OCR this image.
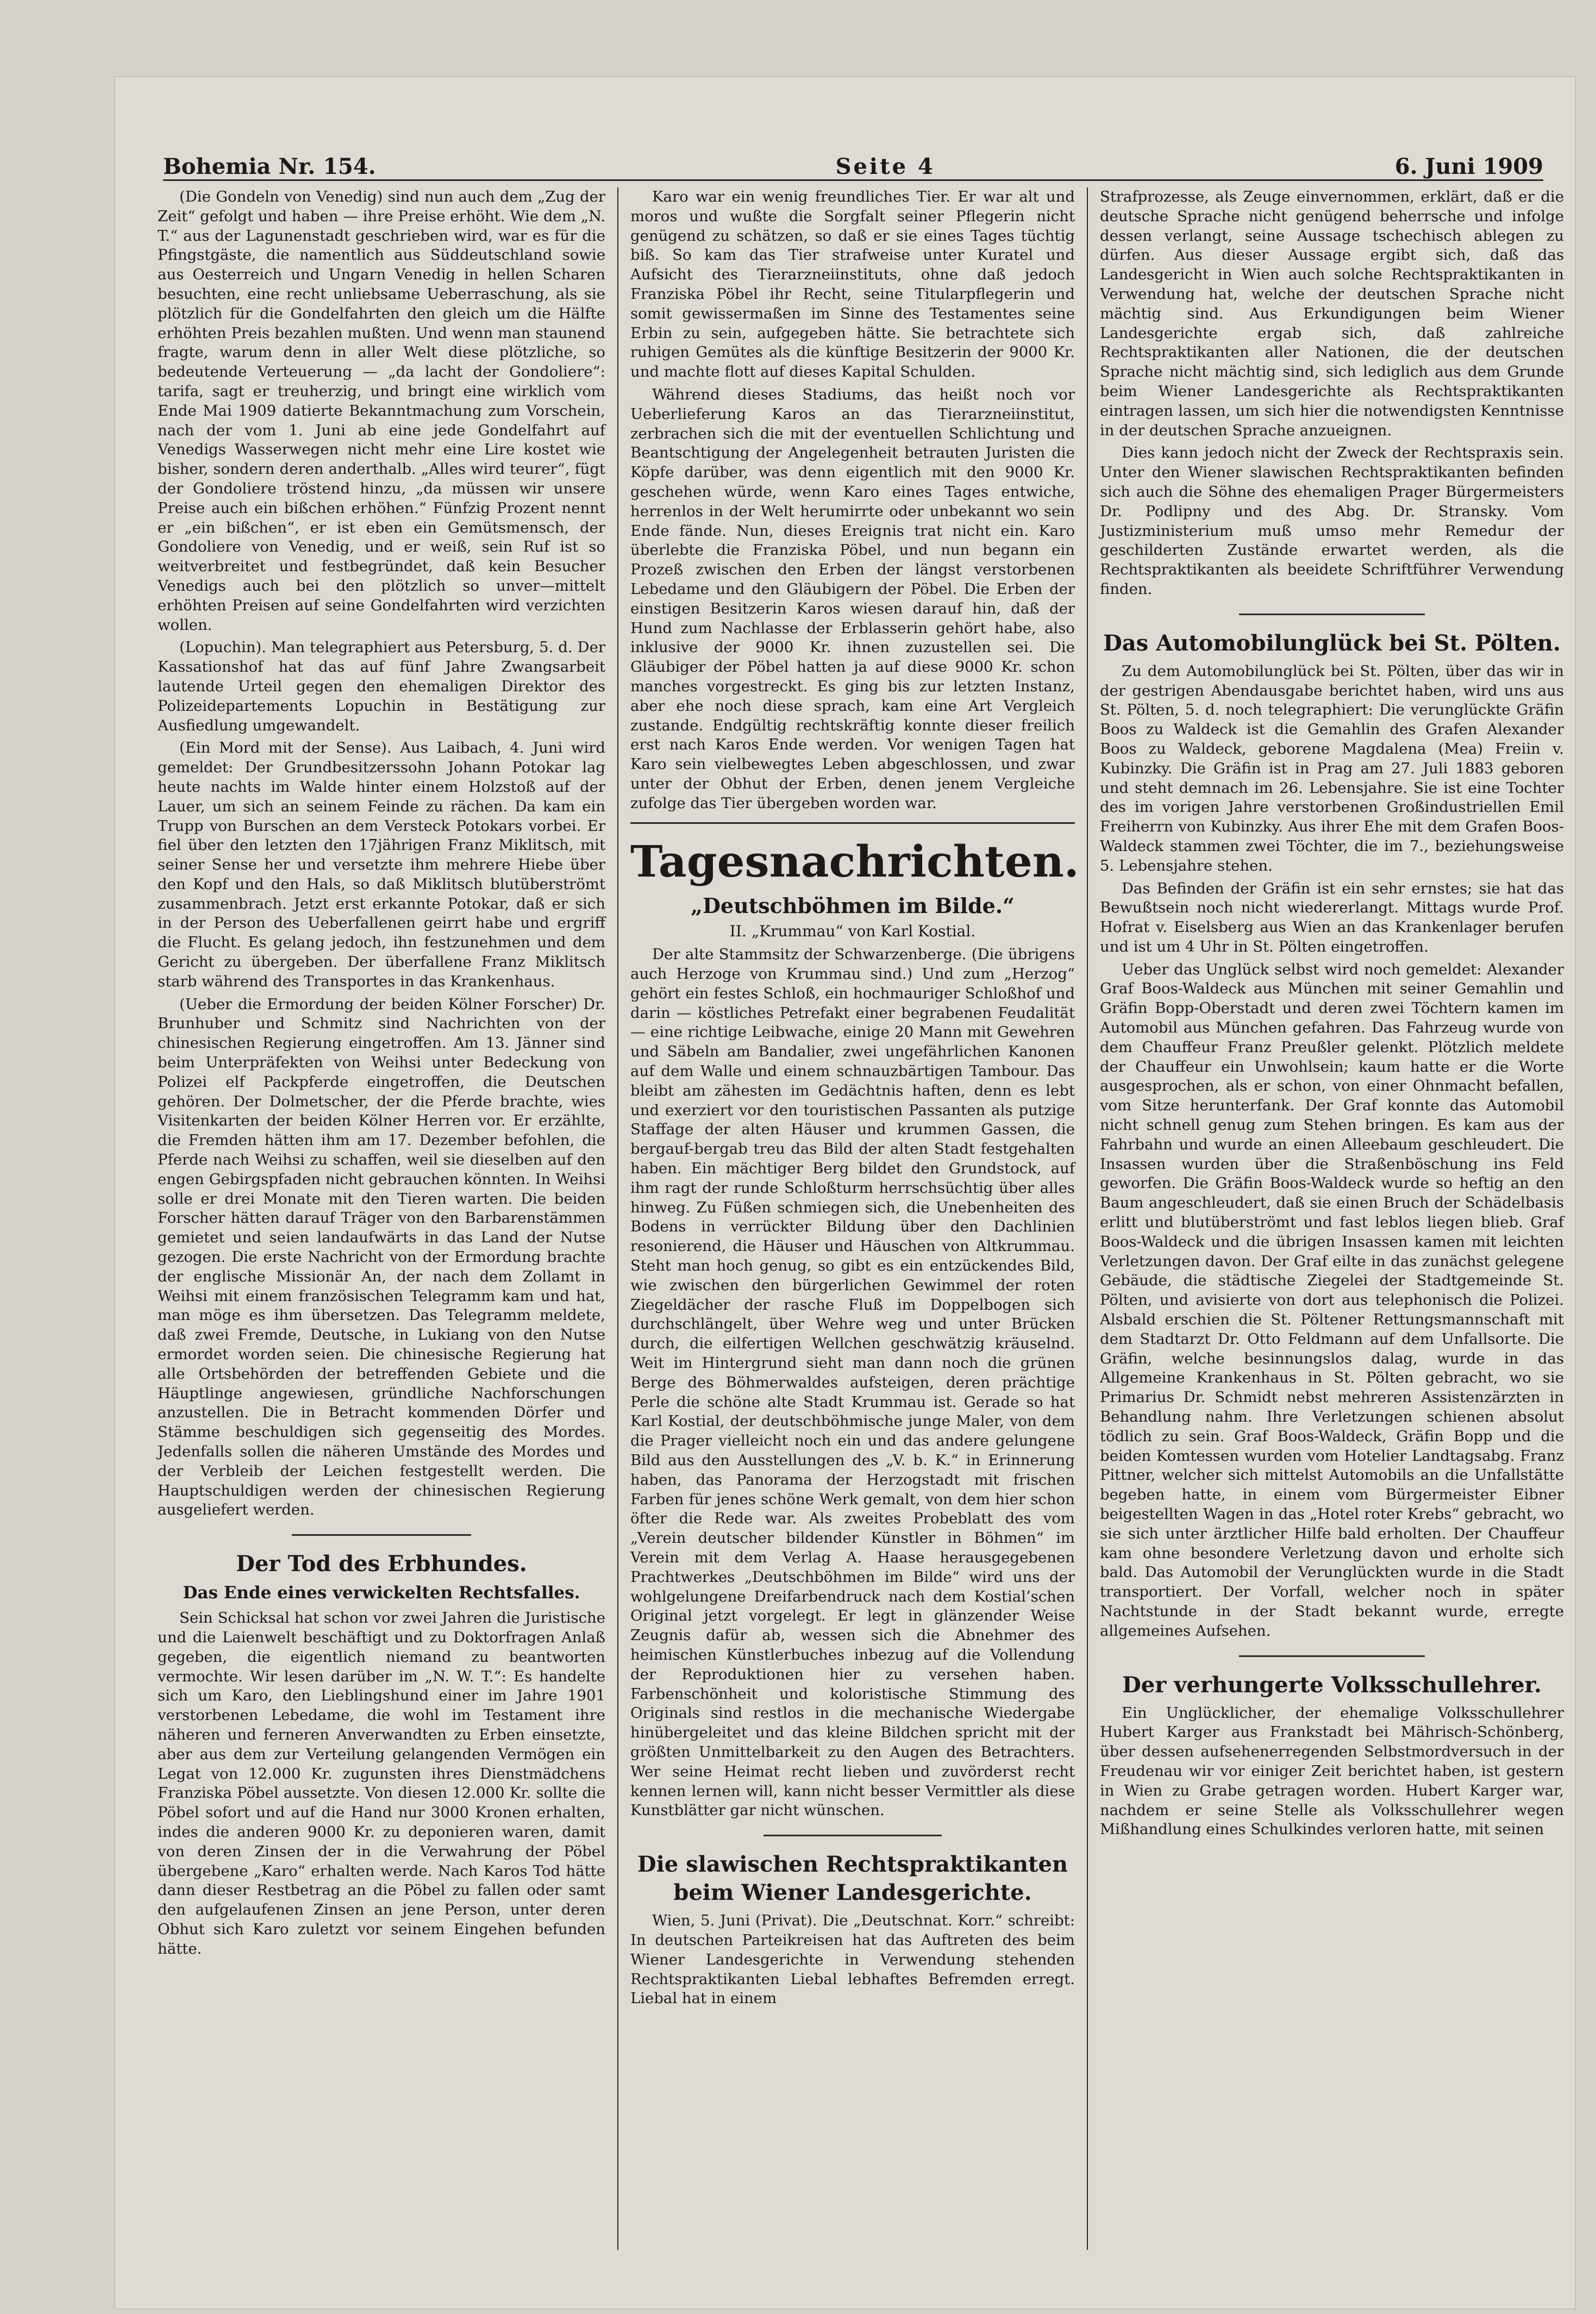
Bohemia Nr. 154.	Seite 4	6. Juni 1909

(Die Gondeln von Venedig) sind nun auch dem „Zug der Zeit“ gefolgt und haben — ihre Preise erhöht. Wie dem „N. T.“ aus der Lagunenstadt geschrieben wird, war es für die Pfingstgäste, die namentlich aus Süddeutschland sowie aus Oesterreich und Ungarn Venedig in hellen Scharen besuchten, eine recht unliebsame Ueberraschung, als sie plötzlich für die Gondelfahrten den gleich um die Hälfte erhöhten Preis bezahlen mußten. Und wenn man staunend fragte, warum denn in aller Welt diese plötzliche, so bedeutende Verteuerung — „da lacht der Gondoliere“: tarifa, sagt er treuherzig, und bringt eine wirklich vom Ende Mai 1909 datierte Bekanntmachung zum Vorschein, nach der vom 1. Juni ab eine jede Gondelfahrt auf Venedigs Wasserwegen nicht mehr eine Lire kostet wie bisher, sondern deren anderthalb. „Alles wird teurer“, fügt der Gondoliere tröstend hinzu, „da müssen wir unsere Preise auch ein bißchen erhöhen.“ Fünfzig Prozent nennt er „ein bißchen“, er ist eben ein Gemütsmensch, der Gondoliere von Venedig, und er weiß, sein Ruf ist so weitverbreitet und festbegründet, daß kein Besucher Venedigs auch bei den plötzlich so unver—mittelt erhöhten Preisen auf seine Gondelfahrten wird verzichten wollen.

(Lopuchin). Man telegraphiert aus Petersburg, 5. d. Der Kassationshof hat das auf fünf Jahre Zwangsarbeit lautende Urteil gegen den ehemaligen Direktor des Polizeidepartements Lopuchin in Bestätigung zur Ausfiedlung umgewandelt.

(Ein Mord mit der Sense). Aus Laibach, 4. Juni wird gemeldet: Der Grundbesitzerssohn Johann Potokar lag heute nachts im Walde hinter einem Holzstoß auf der Lauer, um sich an seinem Feinde zu rächen. Da kam ein Trupp von Burschen an dem Versteck Potokars vorbei. Er fiel über den letzten den 17jährigen Franz Miklitsch, mit seiner Sense her und versetzte ihm mehrere Hiebe über den Kopf und den Hals, so daß Miklitsch blutüberströmt zusammenbrach. Jetzt erst erkannte Potokar, daß er sich in der Person des Ueberfallenen geirrt habe und ergriff die Flucht. Es gelang jedoch, ihn festzunehmen und dem Gericht zu übergeben. Der überfallene Franz Miklitsch starb während des Transportes in das Krankenhaus.

(Ueber die Ermordung der beiden Kölner Forscher) Dr. Brunhuber und Schmitz sind Nachrichten von der chinesischen Regierung eingetroffen. Am 13. Jänner sind beim Unterpräfekten von Weihsi unter Bedeckung von Polizei elf Packpferde eingetroffen, die Deutschen gehören. Der Dolmetscher, der die Pferde brachte, wies Visitenkarten der beiden Kölner Herren vor. Er erzählte, die Fremden hätten ihm am 17. Dezember befohlen, die Pferde nach Weihsi zu schaffen, weil sie dieselben auf den engen Gebirgspfaden nicht gebrauchen könnten. In Weihsi solle er drei Monate mit den Tieren warten. Die beiden Forscher hätten darauf Träger von den Barbarenstämmen gemietet und seien landaufwärts in das Land der Nutse gezogen. Die erste Nachricht von der Ermordung brachte der englische Missionär An, der nach dem Zollamt in Weihsi mit einem französischen Telegramm kam und hat, man möge es ihm übersetzen. Das Telegramm meldete, daß zwei Fremde, Deutsche, in Lukiang von den Nutse ermordet worden seien. Die chinesische Regierung hat alle Ortsbehörden der betreffenden Gebiete und die Häuptlinge angewiesen, gründliche Nachforschungen anzustellen. Die in Betracht kommenden Dörfer und Stämme beschuldigen sich gegenseitig des Mordes. Jedenfalls sollen die näheren Umstände des Mordes und der Verbleib der Leichen festgestellt werden. Die Hauptschuldigen werden der chinesischen Regierung ausgeliefert werden.

Der Tod des Erbhundes.
Das Ende eines verwickelten Rechtsfalles.

Sein Schicksal hat schon vor zwei Jahren die Juristische und die Laienwelt beschäftigt und zu Doktorfragen Anlaß gegeben, die eigentlich niemand zu beantworten vermochte. Wir lesen darüber im „N. W. T.“: Es handelte sich um Karo, den Lieblingshund einer im Jahre 1901 verstorbenen Lebedame, die wohl im Testament ihre näheren und ferneren Anverwandten zu Erben einsetzte, aber aus dem zur Verteilung gelangenden Vermögen ein Legat von 12.000 Kr. zugunsten ihres Dienstmädchens Franziska Pöbel aussetzte. Von diesen 12.000 Kr. sollte die Pöbel sofort und auf die Hand nur 3000 Kronen erhalten, indes die anderen 9000 Kr. zu deponieren waren, damit von deren Zinsen der in die Verwahrung der Pöbel übergebene „Karo“ erhalten werde. Nach Karos Tod hätte dann dieser Restbetrag an die Pöbel zu fallen oder samt den aufgelaufenen Zinsen an jene Person, unter deren Obhut sich Karo zuletzt vor seinem Eingehen befunden hätte.

Karo war ein wenig freundliches Tier. Er war alt und moros und wußte die Sorgfalt seiner Pflegerin nicht genügend zu schätzen, so daß er sie eines Tages tüchtig biß. So kam das Tier strafweise unter Kuratel und Aufsicht des Tierarzneiinstituts, ohne daß jedoch Franziska Pöbel ihr Recht, seine Titularpflegerin und somit gewissermaßen im Sinne des Testamentes seine Erbin zu sein, aufgegeben hätte. Sie betrachtete sich ruhigen Gemütes als die künftige Besitzerin der 9000 Kr. und machte flott auf dieses Kapital Schulden.

Während dieses Stadiums, das heißt noch vor Ueberlieferung Karos an das Tierarzneiinstitut, zerbrachen sich die mit der eventuellen Schlichtung und Beantschtigung der Angelegenheit betrauten Juristen die Köpfe darüber, was denn eigentlich mit den 9000 Kr. geschehen würde, wenn Karo eines Tages entwiche, herrenlos in der Welt herumirrte oder unbekannt wo sein Ende fände. Nun, dieses Ereignis trat nicht ein. Karo überlebte die Franziska Pöbel, und nun begann ein Prozeß zwischen den Erben der längst verstorbenen Lebedame und den Gläubigern der Pöbel. Die Erben der einstigen Besitzerin Karos wiesen darauf hin, daß der Hund zum Nachlasse der Erblasserin gehört habe, also inklusive der 9000 Kr. ihnen zuzustellen sei. Die Gläubiger der Pöbel hatten ja auf diese 9000 Kr. schon manches vorgestreckt. Es ging bis zur letzten Instanz, aber ehe noch diese sprach, kam eine Art Vergleich zustande. Endgültig rechtskräftig konnte dieser freilich erst nach Karos Ende werden. Vor wenigen Tagen hat Karo sein vielbewegtes Leben abgeschlossen, und zwar unter der Obhut der Erben, denen jenem Vergleiche zufolge das Tier übergeben worden war.

Tagesnachrichten.
„Deutschböhmen im Bilde.“
II. „Krummau“ von Karl Kostial.

Der alte Stammsitz der Schwarzenberge. (Die übrigens auch Herzoge von Krummau sind.) Und zum „Herzog“ gehört ein festes Schloß, ein hochmauriger Schloßhof und darin — köstliches Petrefakt einer begrabenen Feudalität — eine richtige Leibwache, einige 20 Mann mit Gewehren und Säbeln am Bandalier, zwei ungefährlichen Kanonen auf dem Walle und einem schnauzbärtigen Tambour. Das bleibt am zähesten im Gedächtnis haften, denn es lebt und exerziert vor den touristischen Passanten als putzige Staffage der alten Häuser und krummen Gassen, die bergauf-bergab treu das Bild der alten Stadt festgehalten haben. Ein mächtiger Berg bildet den Grundstock, auf ihm ragt der runde Schloßturm herrschsüchtig über alles hinweg. Zu Füßen schmiegen sich, die Unebenheiten des Bodens in verrückter Bildung über den Dachlinien resonierend, die Häuser und Häuschen von Altkrummau. Steht man hoch genug, so gibt es ein entzückendes Bild, wie zwischen den bürgerlichen Gewimmel der roten Ziegeldächer der rasche Fluß im Doppelbogen sich durchschlängelt, über Wehre weg und unter Brücken durch, die eilfertigen Wellchen geschwätzig kräuselnd. Weit im Hintergrund sieht man dann noch die grünen Berge des Böhmerwaldes aufsteigen, deren prächtige Perle die schöne alte Stadt Krummau ist. Gerade so hat Karl Kostial, der deutschböhmische junge Maler, von dem die Prager vielleicht noch ein und das andere gelungene Bild aus den Ausstellungen des „V. b. K.“ in Erinnerung haben, das Panorama der Herzogstadt mit frischen Farben für jenes schöne Werk gemalt, von dem hier schon öfter die Rede war. Als zweites Probeblatt des vom „Verein deutscher bildender Künstler in Böhmen“ im Verein mit dem Verlag A. Haase herausgegebenen Prachtwerkes „Deutschböhmen im Bilde“ wird uns der wohlgelungene Dreifarbendruck nach dem Kostial’schen Original jetzt vorgelegt. Er legt in glänzender Weise Zeugnis dafür ab, wessen sich die Abnehmer des heimischen Künstlerbuches inbezug auf die Vollendung der Reproduktionen hier zu versehen haben. Farbenschönheit und koloristische Stimmung des Originals sind restlos in die mechanische Wiedergabe hinübergeleitet und das kleine Bildchen spricht mit der größten Unmittelbarkeit zu den Augen des Betrachters. Wer seine Heimat recht lieben und zuvörderst recht kennen lernen will, kann nicht besser Vermittler als diese Kunstblätter gar nicht wünschen.

Die slawischen Rechtspraktikanten beim Wiener Landesgerichte.

Wien, 5. Juni (Privat). Die „Deutschnat. Korr.“ schreibt: In deutschen Parteikreisen hat das Auftreten des beim Wiener Landesgerichte in Verwendung stehenden Rechtspraktikanten Liebal lebhaftes Befremden erregt. Liebal hat in einem

Strafprozesse, als Zeuge einvernommen, erklärt, daß er die deutsche Sprache nicht genügend beherrsche und infolge dessen verlangt, seine Aussage tschechisch ablegen zu dürfen. Aus dieser Aussage ergibt sich, daß das Landesgericht in Wien auch solche Rechtspraktikanten in Verwendung hat, welche der deutschen Sprache nicht mächtig sind. Aus Erkundigungen beim Wiener Landesgerichte ergab sich, daß zahlreiche Rechtspraktikanten aller Nationen, die der deutschen Sprache nicht mächtig sind, sich lediglich aus dem Grunde beim Wiener Landesgerichte als Rechtspraktikanten eintragen lassen, um sich hier die notwendigsten Kenntnisse in der deutschen Sprache anzueignen.

Dies kann jedoch nicht der Zweck der Rechtspraxis sein. Unter den Wiener slawischen Rechtspraktikanten befinden sich auch die Söhne des ehemaligen Prager Bürgermeisters Dr. Podlipny und des Abg. Dr. Stransky. Vom Justizministerium muß umso mehr Remedur der geschilderten Zustände erwartet werden, als die Rechtspraktikanten als beeidete Schriftführer Verwendung finden.

Das Automobilunglück bei St. Pölten.

Zu dem Automobilunglück bei St. Pölten, über das wir in der gestrigen Abendausgabe berichtet haben, wird uns aus St. Pölten, 5. d. noch telegraphiert: Die verunglückte Gräfin Boos zu Waldeck ist die Gemahlin des Grafen Alexander Boos zu Waldeck, geborene Magdalena (Mea) Freiin v. Kubinzky. Die Gräfin ist in Prag am 27. Juli 1883 geboren und steht demnach im 26. Lebensjahre. Sie ist eine Tochter des im vorigen Jahre verstorbenen Großindustriellen Emil Freiherrn von Kubinzky. Aus ihrer Ehe mit dem Grafen Boos-Waldeck stammen zwei Töchter, die im 7., beziehungsweise 5. Lebensjahre stehen.

Das Befinden der Gräfin ist ein sehr ernstes; sie hat das Bewußtsein noch nicht wiedererlangt. Mittags wurde Prof. Hofrat v. Eiselsberg aus Wien an das Krankenlager berufen und ist um 4 Uhr in St. Pölten eingetroffen.

Ueber das Unglück selbst wird noch gemeldet: Alexander Graf Boos-Waldeck aus München mit seiner Gemahlin und Gräfin Bopp-Oberstadt und deren zwei Töchtern kamen im Automobil aus München gefahren. Das Fahrzeug wurde von dem Chauffeur Franz Preußler gelenkt. Plötzlich meldete der Chauffeur ein Unwohlsein; kaum hatte er die Worte ausgesprochen, als er schon, von einer Ohnmacht befallen, vom Sitze herunterfank. Der Graf konnte das Automobil nicht schnell genug zum Stehen bringen. Es kam aus der Fahrbahn und wurde an einen Alleebaum geschleudert. Die Insassen wurden über die Straßenböschung ins Feld geworfen. Die Gräfin Boos-Waldeck wurde so heftig an den Baum angeschleudert, daß sie einen Bruch der Schädelbasis erlitt und blutüberströmt und fast leblos liegen blieb. Graf Boos-Waldeck und die übrigen Insassen kamen mit leichten Verletzungen davon. Der Graf eilte in das zunächst gelegene Gebäude, die städtische Ziegelei der Stadtgemeinde St. Pölten, und avisierte von dort aus telephonisch die Polizei. Alsbald erschien die St. Pöltener Rettungsmannschaft mit dem Stadtarzt Dr. Otto Feldmann auf dem Unfallsorte. Die Gräfin, welche besinnungslos dalag, wurde in das Allgemeine Krankenhaus in St. Pölten gebracht, wo sie Primarius Dr. Schmidt nebst mehreren Assistenzärzten in Behandlung nahm. Ihre Verletzungen schienen absolut tödlich zu sein. Graf Boos-Waldeck, Gräfin Bopp und die beiden Komtessen wurden vom Hotelier Landtagsabg. Franz Pittner, welcher sich mittelst Automobils an die Unfallstätte begeben hatte, in einem vom Bürgermeister Eibner beigestellten Wagen in das „Hotel roter Krebs“ gebracht, wo sie sich unter ärztlicher Hilfe bald erholten. Der Chauffeur kam ohne besondere Verletzung davon und erholte sich bald. Das Automobil der Verunglückten wurde in die Stadt transportiert. Der Vorfall, welcher noch in später Nachtstunde in der Stadt bekannt wurde, erregte allgemeines Aufsehen.

Der verhungerte Volksschullehrer.

Ein Unglücklicher, der ehemalige Volksschullehrer Hubert Karger aus Frankstadt bei Mährisch-Schönberg, über dessen aufsehenerregenden Selbstmordversuch in der Freudenau wir vor einiger Zeit berichtet haben, ist gestern in Wien zu Grabe getragen worden. Hubert Karger war, nachdem er seine Stelle als Volksschullehrer wegen Mißhandlung eines Schulkindes verloren hatte, mit seinen
